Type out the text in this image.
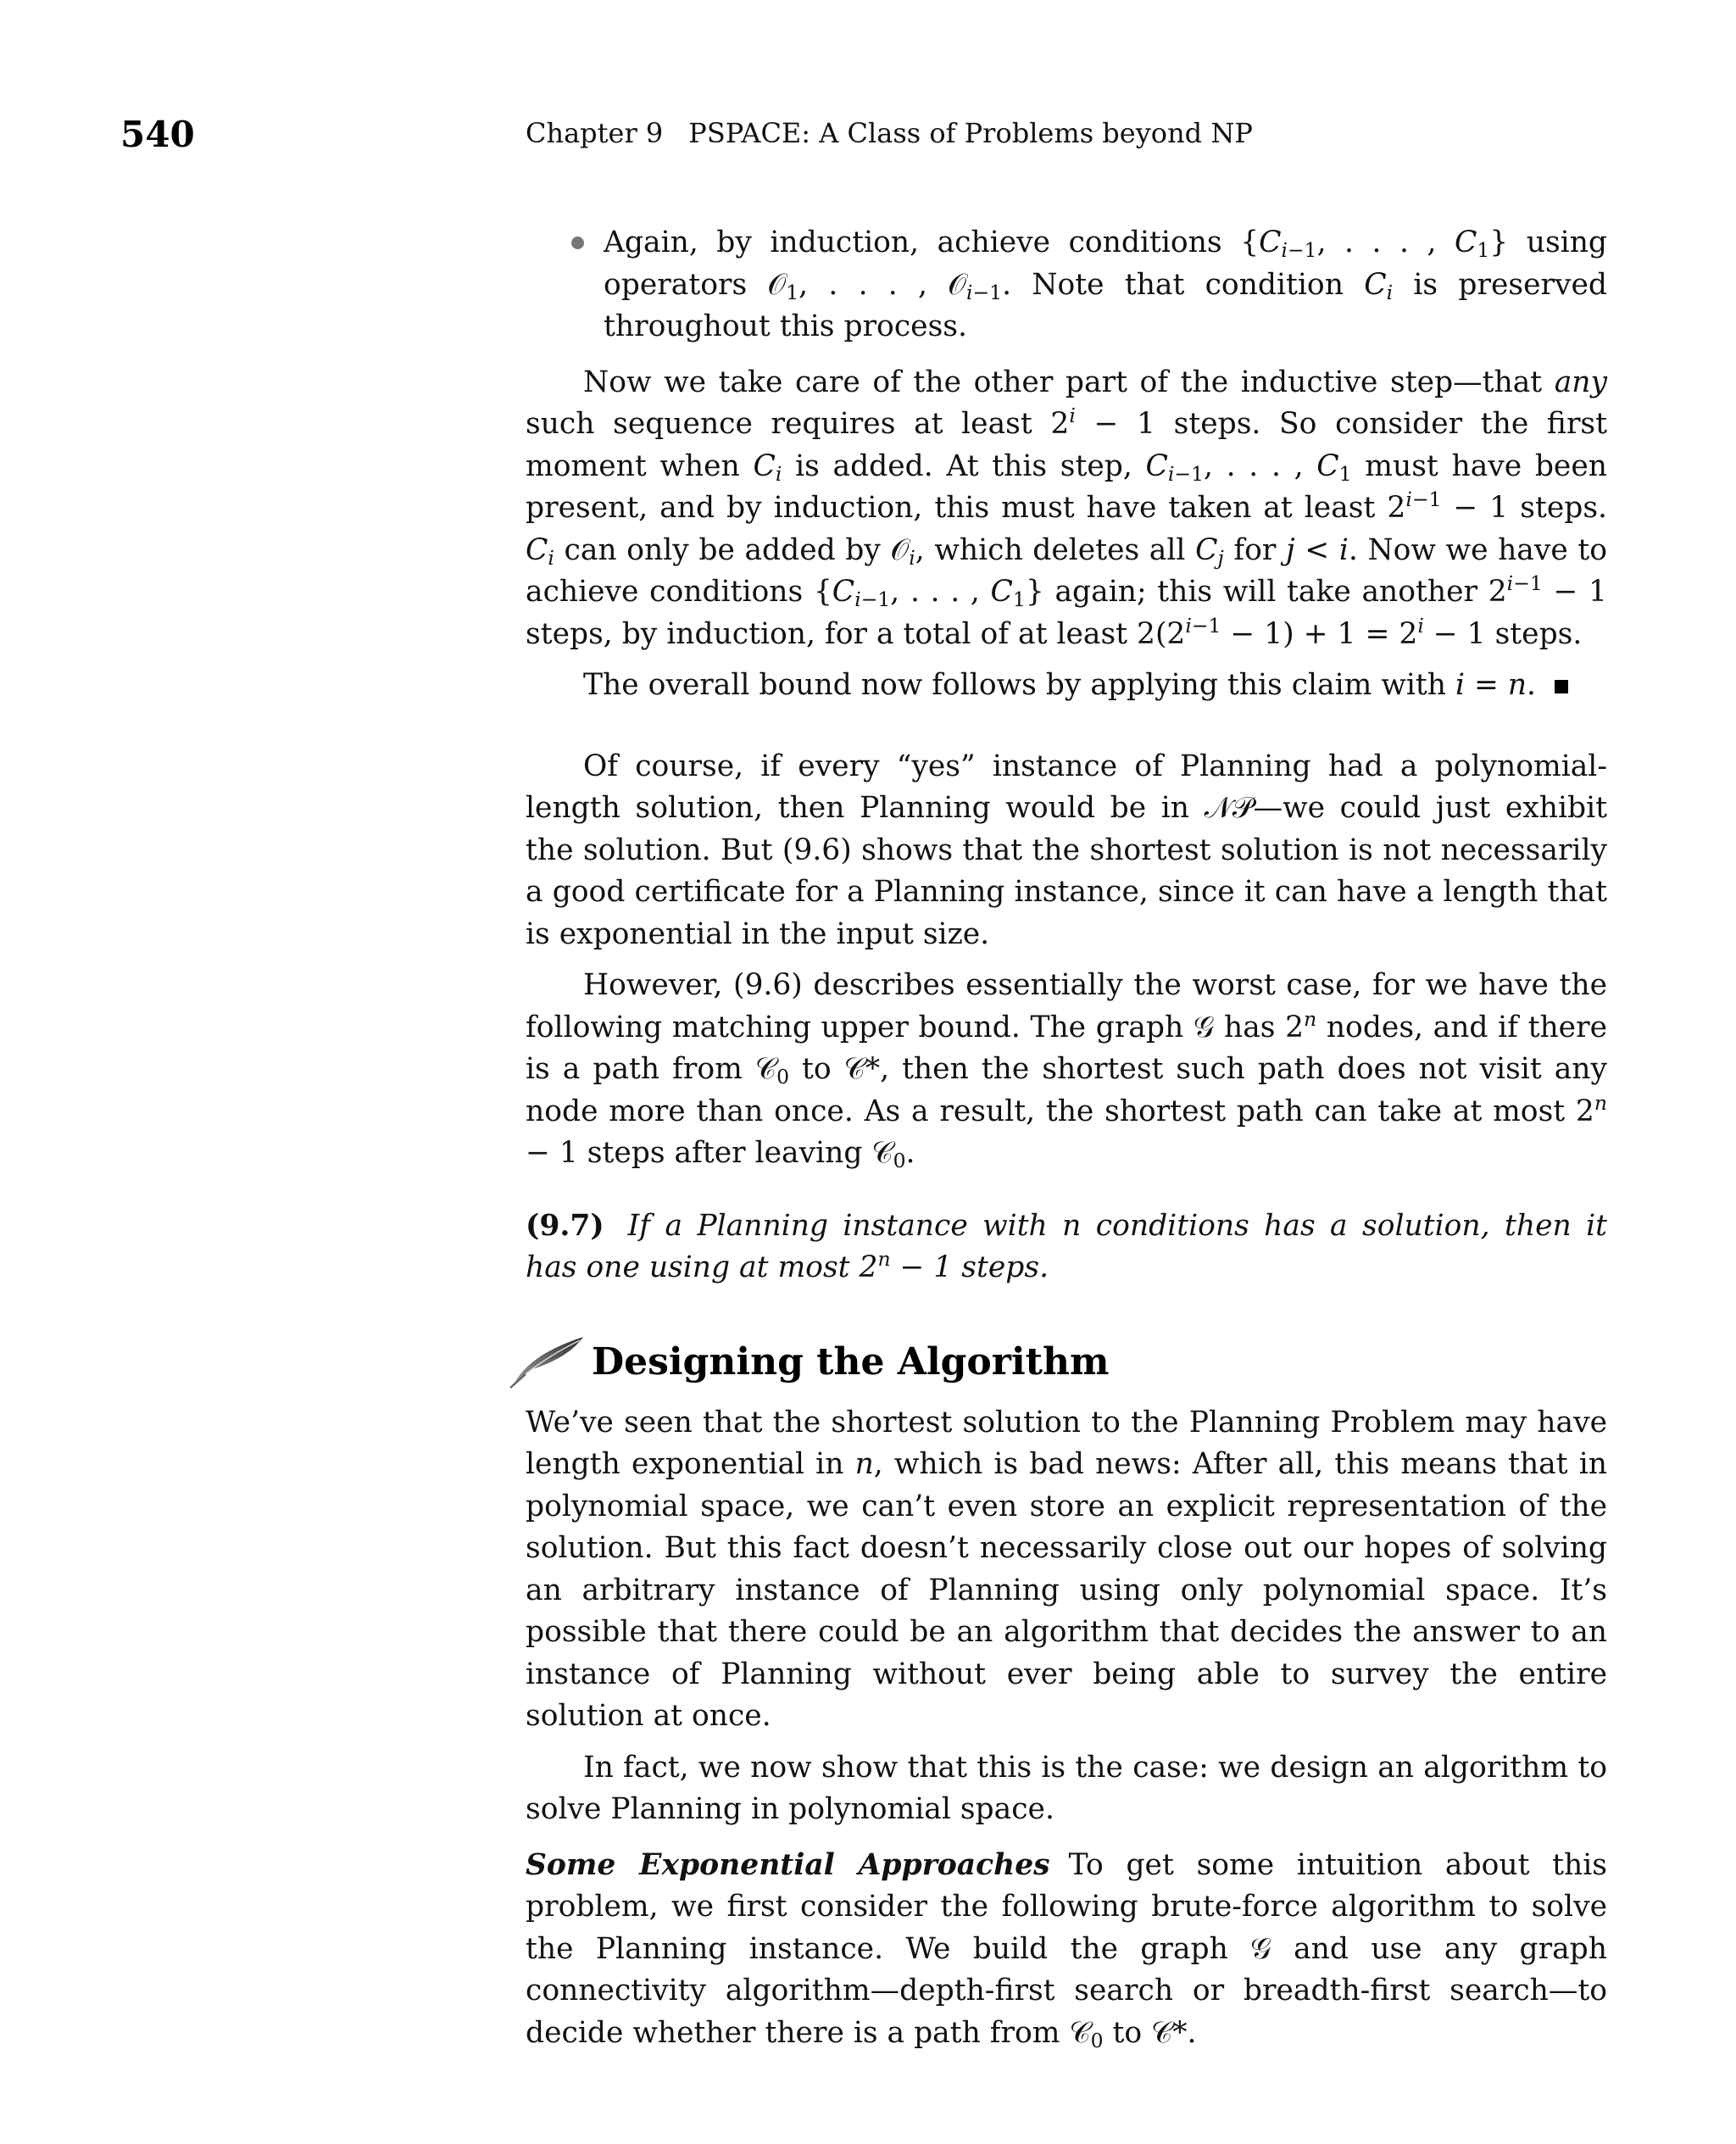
540	Chapter 9 PSPACE: A Class of Problems beyond NP
Again, by induction, achieve conditions {$C_{i-1}$, . . . , $C_1$} using operators 𝒪$_1$, . . . , 𝒪$_{i-1}$. Note that condition $C_i$ is preserved throughout this process.

Now we take care of the other part of the inductive step—that any such sequence requires at least $2^i - 1$ steps. So consider the first moment when $C_i$ is added. At this step, $C_{i-1}$, . . . , $C_1$ must have been present, and by induction, this must have taken at least $2^{i-1} - 1$ steps. $C_i$ can only be added by 𝒪$_i$, which deletes all $C_j$ for j < i. Now we have to achieve conditions {$C_{i-1}$, . . . , $C_1$} again; this will take another $2^{i-1} - 1$ steps, by induction, for a total of at least $2(2^{i-1} - 1) + 1 = 2^i - 1$ steps.

The overall bound now follows by applying this claim with i = n.

Of course, if every “yes” instance of Planning had a polynomial-length solution, then Planning would be in 𝒩𝒫—we could just exhibit the solution. But (9.6) shows that the shortest solution is not necessarily a good certificate for a Planning instance, since it can have a length that is exponential in the input size.

However, (9.6) describes essentially the worst case, for we have the following matching upper bound. The graph 𝒢 has 2$^n$ nodes, and if there is a path from 𝒞$_0$ to 𝒞*, then the shortest such path does not visit any node more than once. As a result, the shortest path can take at most $2^n - 1$ steps after leaving 𝒞$_0$.

(9.7) If a Planning instance with n conditions has a solution, then it has one using at most $2^n - 1$ steps.

Designing the Algorithm

We’ve seen that the shortest solution to the Planning Problem may have length exponential in n, which is bad news: After all, this means that in polynomial space, we can’t even store an explicit representation of the solution. But this fact doesn’t necessarily close out our hopes of solving an arbitrary instance of Planning using only polynomial space. It’s possible that there could be an algorithm that decides the answer to an instance of Planning without ever being able to survey the entire solution at once.

In fact, we now show that this is the case: we design an algorithm to solve Planning in polynomial space.

Some Exponential Approaches To get some intuition about this problem, we first consider the following brute-force algorithm to solve the Planning instance. We build the graph 𝒢 and use any graph connectivity algorithm—depth-first search or breadth-first search—to decide whether there is a path from 𝒞$_0$ to 𝒞*.
